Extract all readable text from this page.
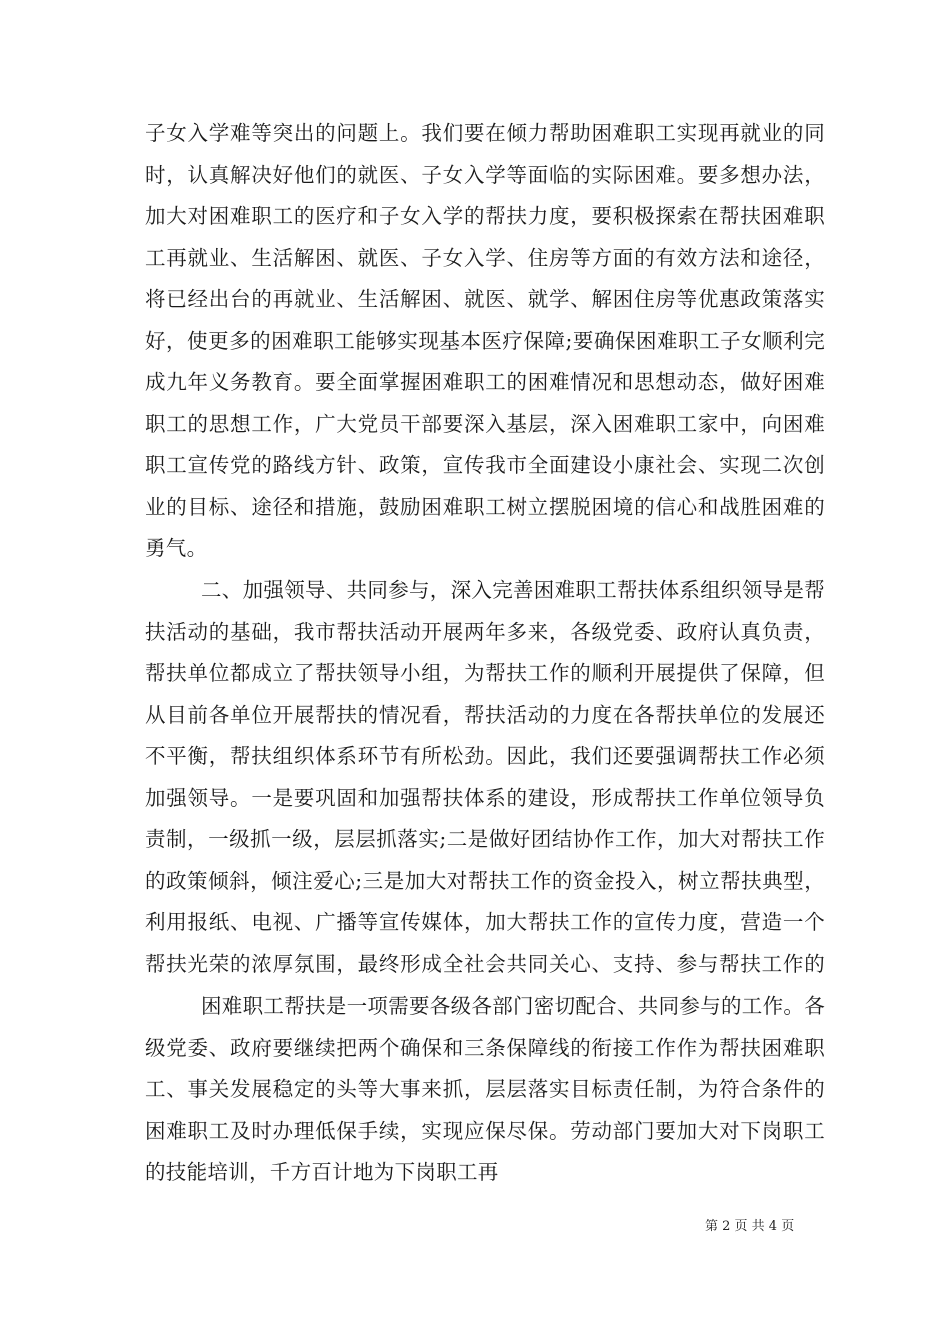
子女入学难等突出的问题上。我们要在倾力帮助困难职工实现再就业的同时，认真解决好他们的就医、子女入学等面临的实际困难。要多想办法，加大对困难职工的医疗和子女入学的帮扶力度，要积极探索在帮扶困难职工再就业、生活解困、就医、子女入学、住房等方面的有效方法和途径，将已经出台的再就业、生活解困、就医、就学、解困住房等优惠政策落实好，使更多的困难职工能够实现基本医疗保障;要确保困难职工子女顺利完成九年义务教育。要全面掌握困难职工的困难情况和思想动态，做好困难职工的思想工作，广大党员干部要深入基层，深入困难职工家中，向困难职工宣传党的路线方针、政策，宣传我市全面建设小康社会、实现二次创业的目标、途径和措施，鼓励困难职工树立摆脱困境的信心和战胜困难的勇气。

二、加强领导、共同参与，深入完善困难职工帮扶体系组织领导是帮扶活动的基础，我市帮扶活动开展两年多来，各级党委、政府认真负责，帮扶单位都成立了帮扶领导小组，为帮扶工作的顺利开展提供了保障，但从目前各单位开展帮扶的情况看，帮扶活动的力度在各帮扶单位的发展还不平衡，帮扶组织体系环节有所松劲。因此，我们还要强调帮扶工作必须加强领导。一是要巩固和加强帮扶体系的建设，形成帮扶工作单位领导负责制，一级抓一级，层层抓落实;二是做好团结协作工作，加大对帮扶工作的政策倾斜，倾注爱心;三是加大对帮扶工作的资金投入，树立帮扶典型，利用报纸、电视、广播等宣传媒体，加大帮扶工作的宣传力度，营造一个帮扶光荣的浓厚氛围，最终形成全社会共同关心、支持、参与帮扶工作的

困难职工帮扶是一项需要各级各部门密切配合、共同参与的工作。各级党委、政府要继续把两个确保和三条保障线的衔接工作作为帮扶困难职工、事关发展稳定的头等大事来抓，层层落实目标责任制，为符合条件的困难职工及时办理低保手续，实现应保尽保。劳动部门要加大对下岗职工的技能培训，千方百计地为下岗职工再

第 2 页 共 4 页
